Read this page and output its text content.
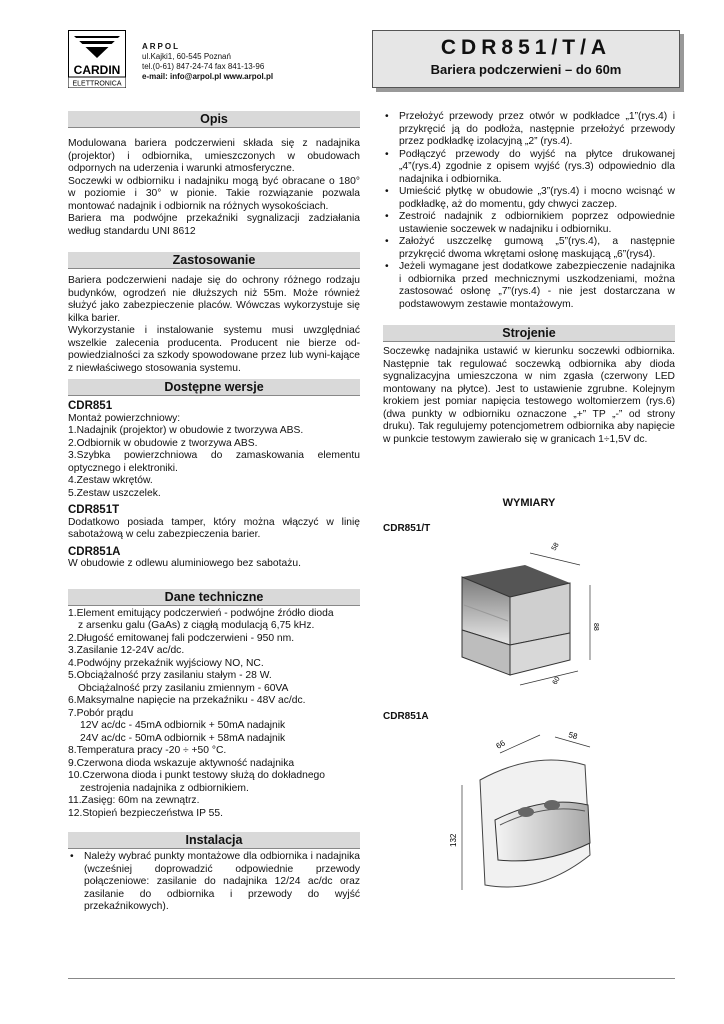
CARDIN
ELETTRONICA
ARPOL
ul.Kajki1, 60-545 Poznań
tel.(0-61) 847-24-74 fax 841-13-96
e-mail: info@arpol.pl www.arpol.pl
CDR851/T/A
Bariera podczerwieni – do 60m
Opis

Modulowana bariera podczerwieni składa się z nadajnika (projektor) i odbiornika, umieszczonych w obudowach odpornych na uderzenia i warunki atmosferyczne.

Soczewki w odbiorniku i nadajniku mogą być obracane o 180° w poziomie i 30° w pionie. Takie rozwiązanie pozwala montować nadajnik i odbiornik na różnych wysokościach.

Bariera ma podwójne przekaźniki sygnalizacji zadziałania według standardu UNI 8612

Zastosowanie

Bariera podczerwieni nadaje się do ochrony różnego rodzaju budynków, ogrodzeń nie dłuższych niż 55m. Może również służyć jako zabezpieczenie placów. Wówczas wykorzystuje się kilka barier.

Wykorzystanie i instalowanie systemu musi uwzględniać wszelkie zalecenia producenta. Producent nie bierze od-powiedzialności za szkody spowodowane przez lub wyni-kające z niewłaściwego stosowania systemu.

Dostępne wersje
CDR851

Montaż powierzchniowy:

1.Nadajnik (projektor) w obudowie z tworzywa ABS.

2.Odbiornik w obudowie z tworzywa ABS.

3.Szybka powierzchniowa do zamaskowania elementu optycznego i elektroniki.

4.Zestaw wkrętów.

5.Zestaw uszczelek.

CDR851T

Dodatkowo posiada tamper, który można włączyć w linię sabotażową w celu zabezpieczenia barier.

CDR851A

W obudowie z odlewu aluminiowego bez sabotażu.

Dane techniczne
1.Element emitujący podczerwień - podwójne źródło dioda
z arsenku galu (GaAs) z ciągłą modulacją 6,75 kHz.
2.Długość emitowanej fali podczerwieni - 950 nm.
3.Zasilanie 12-24V ac/dc.
4.Podwójny przekaźnik wyjściowy NO, NC.
5.Obciążalność przy zasilaniu stałym - 28 W.
Obciążalność przy zasilaniu zmiennym - 60VA
6.Maksymalne napięcie na przekaźniku - 48V ac/dc.
7.Pobór prądu
12V ac/dc - 45mA odbiornik + 50mA nadajnik
24V ac/dc - 50mA odbiornik + 58mA nadajnik
8.Temperatura pracy -20 ÷ +50 °C.
9.Czerwona dioda wskazuje aktywność nadajnika
10.Czerwona dioda i punkt testowy służą do dokładnego
zestrojenia nadajnika z odbiornikiem.
11.Zasięg: 60m na zewnątrz.
12.Stopień bezpieczeństwa IP 55.
Instalacja
• Należy wybrać punkty montażowe dla odbiornika i nadajnika (wcześniej doprowadzić odpowiednie przewody połączeniowe: zasilanie do nadajnika 12/24 ac/dc oraz zasilanie do odbiornika i przewody do wyjść przekaźnikowych).
• Przełożyć przewody przez otwór w podkładce „1”(rys.4) i przykręcić ją do podłoża, następnie przełożyć przewody przez podkładkę izolacyjną „2” (rys.4).
• Podłączyć przewody do wyjść na płytce drukowanej „4”(rys.4) zgodnie z opisem wyjść (rys.3) odpowiednio dla nadajnika i odbiornika.
• Umieścić płytkę w obudowie „3”(rys.4) i mocno wcisnąć w podkładkę, aż do momentu, gdy chwyci zaczep.
• Zestroić nadajnik z odbiornikiem poprzez odpowiednie ustawienie soczewek w nadajniku i odbiorniku.
• Założyć uszczelkę gumową „5”(rys.4), a następnie przykręcić dwoma wkrętami osłonę maskującą „6”(rys4).
• Jeżeli wymagane jest dodatkowe zabezpieczenie nadajnika i odbiornika przed mechnicznymi uszkodzeniami, można zastosować osłonę „7”(rys.4) - nie jest dostarczana w podstawowym zestawie montażowym.
Strojenie

Soczewkę nadajnika ustawić w kierunku soczewki odbiornika. Następnie tak regulować soczewką odbiornika aby dioda sygnalizacyjna umieszczona w nim zgasła (czerwony LED montowany na płytce). Jest to ustawienie zgrubne. Kolejnym krokiem jest pomiar napięcia testowego woltomierzem (rys.6) (dwa punkty w odbiorniku oznaczone „+” TP „-” od strony druku). Tak regulujemy potencjometrem odbiornika aby napięcie w punkcie testowym zawierało się w granicach 1÷1,5V dc.

WYMIARY
CDR851/T
58
88
60
CDR851A
66
58
132
